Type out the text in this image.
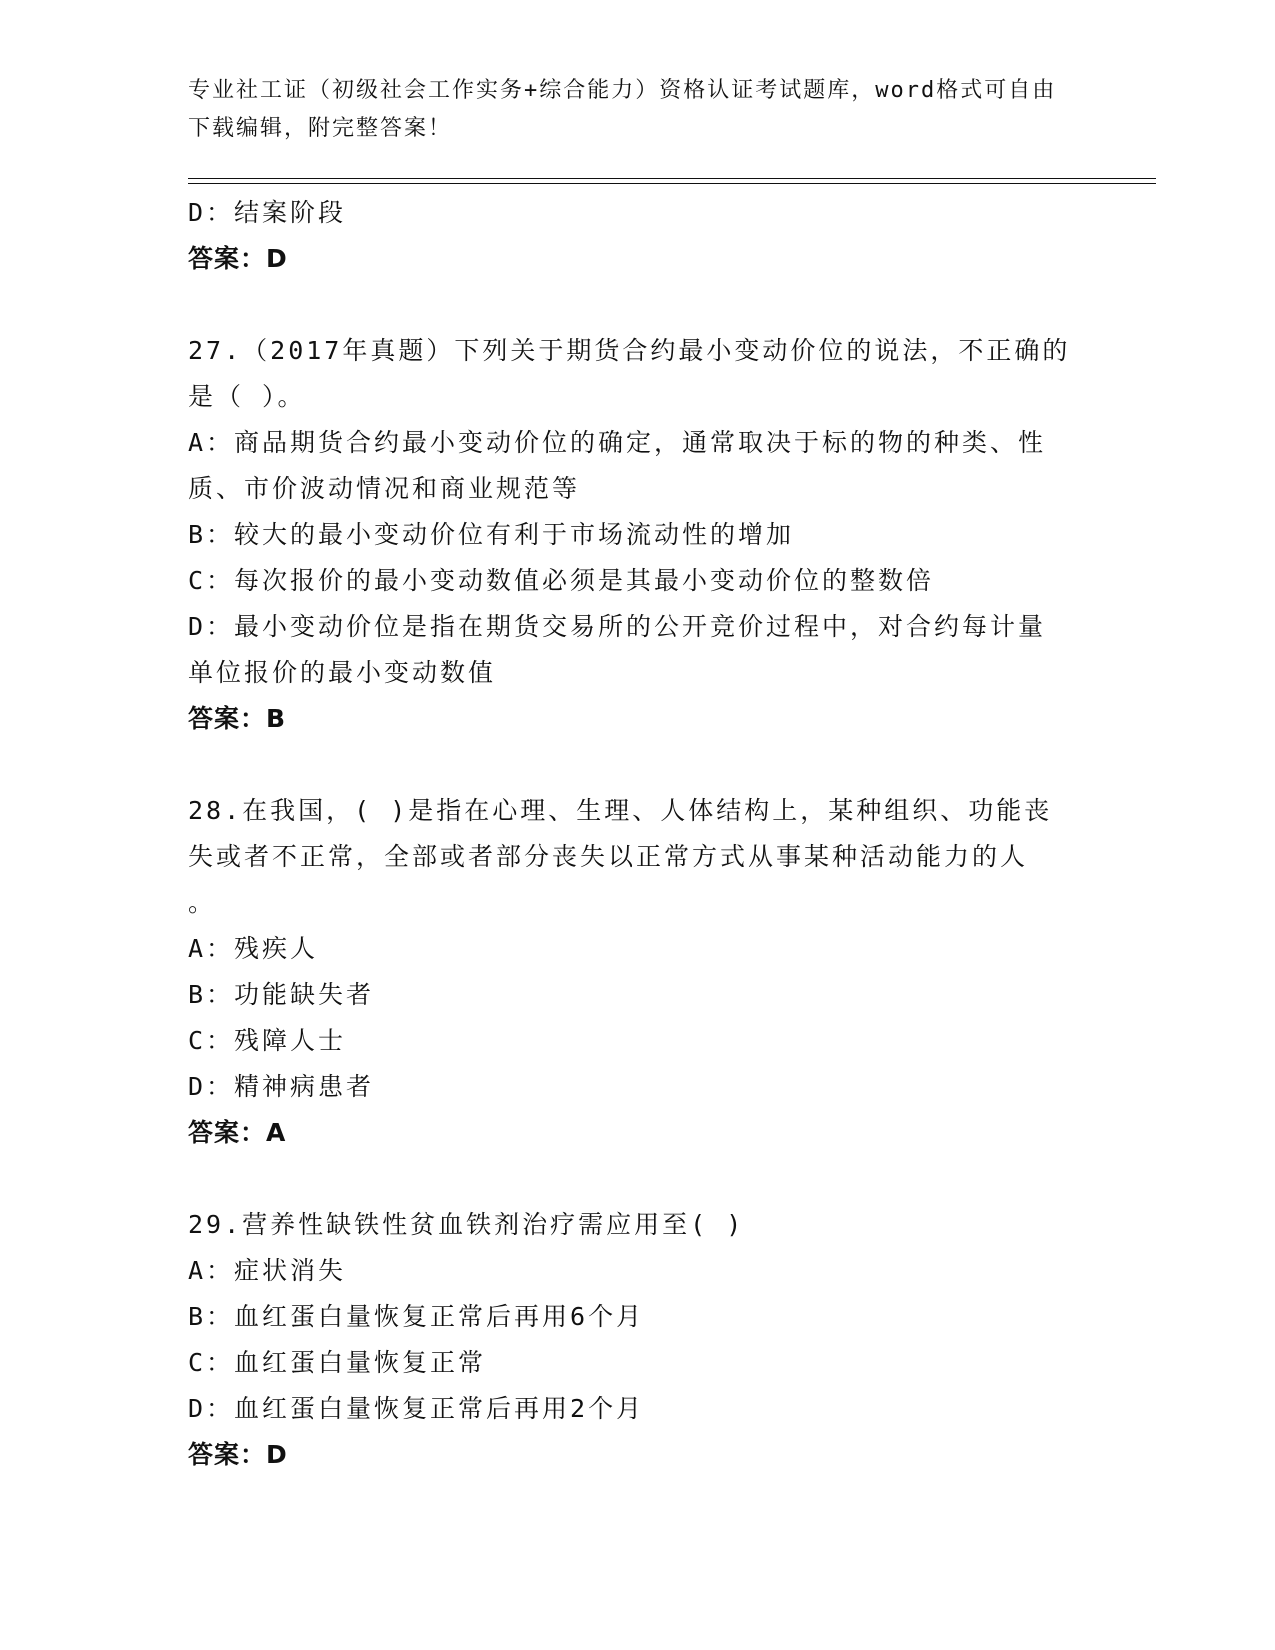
专业社工证（初级社会工作实务+综合能力）资格认证考试题库，word格式可自由
下载编辑，附完整答案！
D：结案阶段
答案：D
27.（2017年真题）下列关于期货合约最小变动价位的说法，不正确的
是（ ）。
A：商品期货合约最小变动价位的确定，通常取决于标的物的种类、性
质、市价波动情况和商业规范等
B：较大的最小变动价位有利于市场流动性的增加
C：每次报价的最小变动数值必须是其最小变动价位的整数倍
D：最小变动价位是指在期货交易所的公开竞价过程中，对合约每计量
单位报价的最小变动数值
答案：B
28.在我国，( )是指在心理、生理、人体结构上，某种组织、功能丧
失或者不正常，全部或者部分丧失以正常方式从事某种活动能力的人
。
A：残疾人
B：功能缺失者
C：残障人士
D：精神病患者
答案：A
29.营养性缺铁性贫血铁剂治疗需应用至( )
A：症状消失
B：血红蛋白量恢复正常后再用6个月
C：血红蛋白量恢复正常
D：血红蛋白量恢复正常后再用2个月
答案：D
